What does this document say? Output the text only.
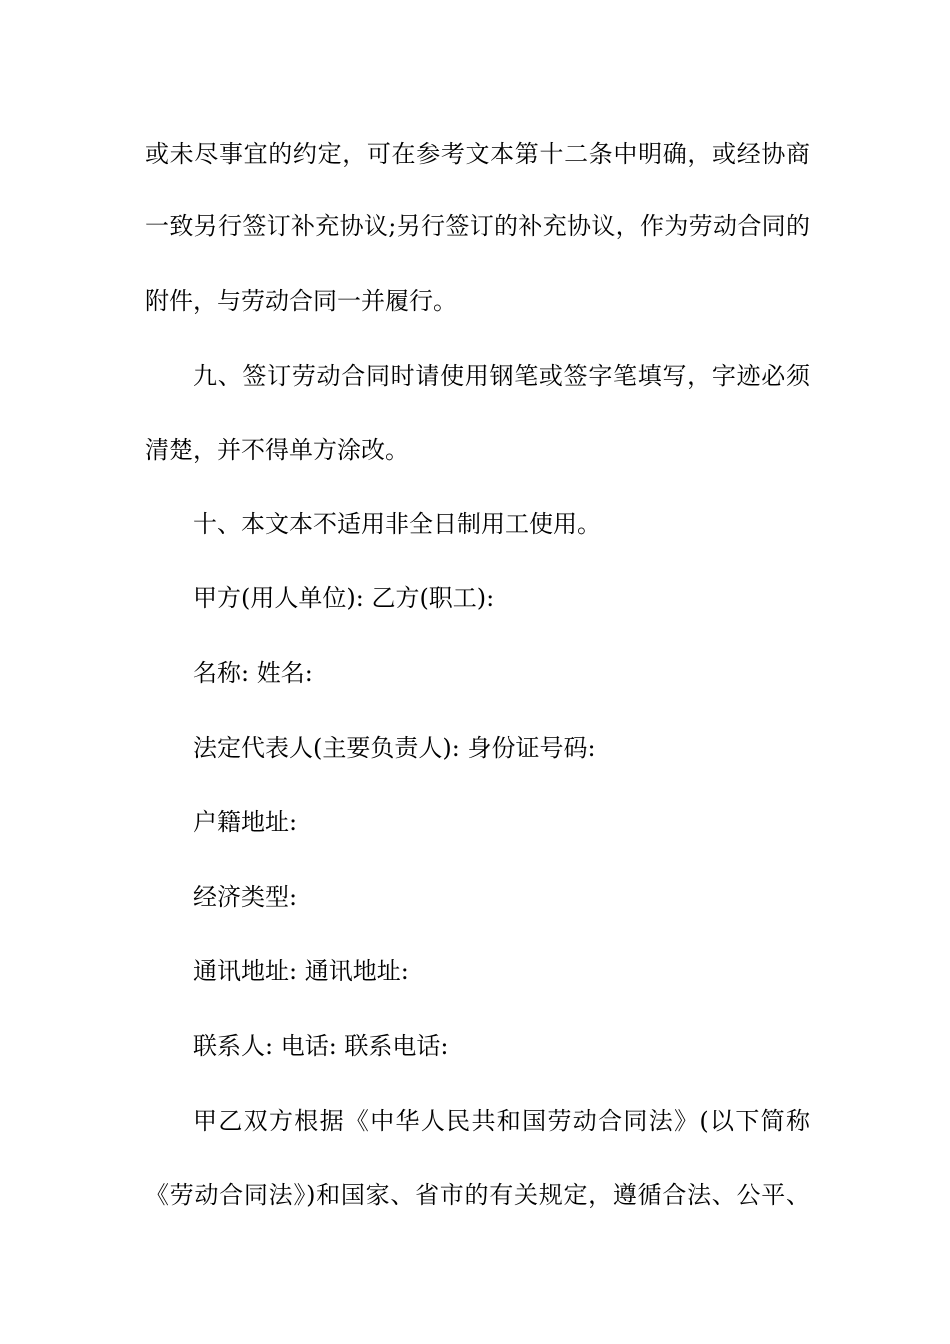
或未尽事宜的约定，可在参考文本第十二条中明确，或经协商
一致另行签订补充协议;另行签订的补充协议，作为劳动合同的
附件，与劳动合同一并履行。
九、签订劳动合同时请使用钢笔或签字笔填写，字迹必须
清楚，并不得单方涂改。
十、本文本不适用非全日制用工使用。
甲方(用人单位): 乙方(职工):
名称: 姓名:
法定代表人(主要负责人): 身份证号码:
户籍地址:
经济类型:
通讯地址: 通讯地址:
联系人: 电话: 联系电话:
甲乙双方根据《中华人民共和国劳动合同法》(以下简称
《劳动合同法》)和国家、省市的有关规定，遵循合法、公平、
